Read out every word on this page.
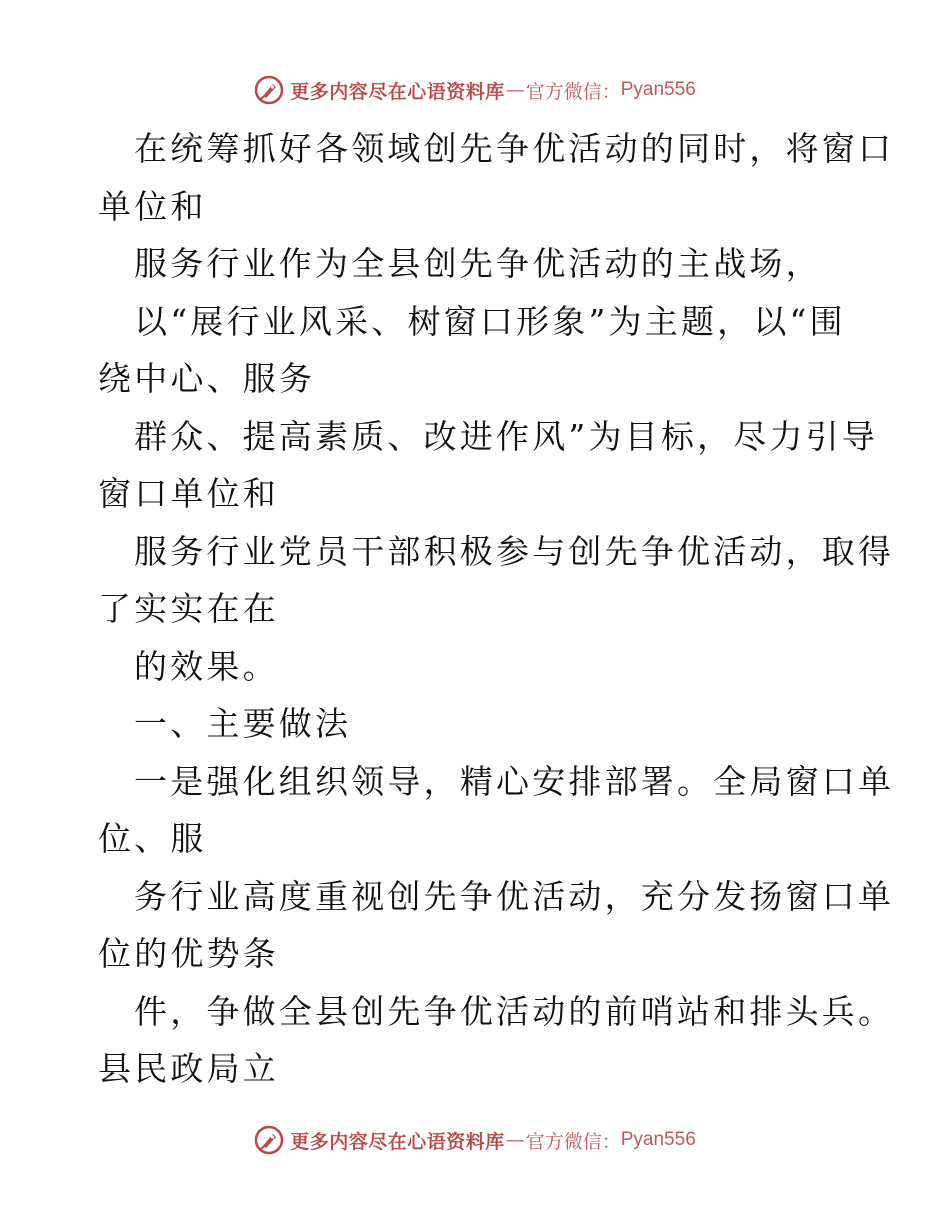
更多内容尽在心语资料库 — 官方微信： Pyan556
在统筹抓好各领域创先争优活动的同时，将窗口
单位和
服务行业作为全县创先争优活动的主战场，
以“展行业风采、树窗口形象”为主题，以“围
绕中心、服务
群众、提高素质、改进作风”为目标，尽力引导
窗口单位和
服务行业党员干部积极参与创先争优活动，取得
了实实在在
的效果。
一、主要做法
一是强化组织领导，精心安排部署。全局窗口单
位、服
务行业高度重视创先争优活动，充分发扬窗口单
位的优势条
件，争做全县创先争优活动的前哨站和排头兵。
县民政局立
更多内容尽在心语资料库 — 官方微信： Pyan556
